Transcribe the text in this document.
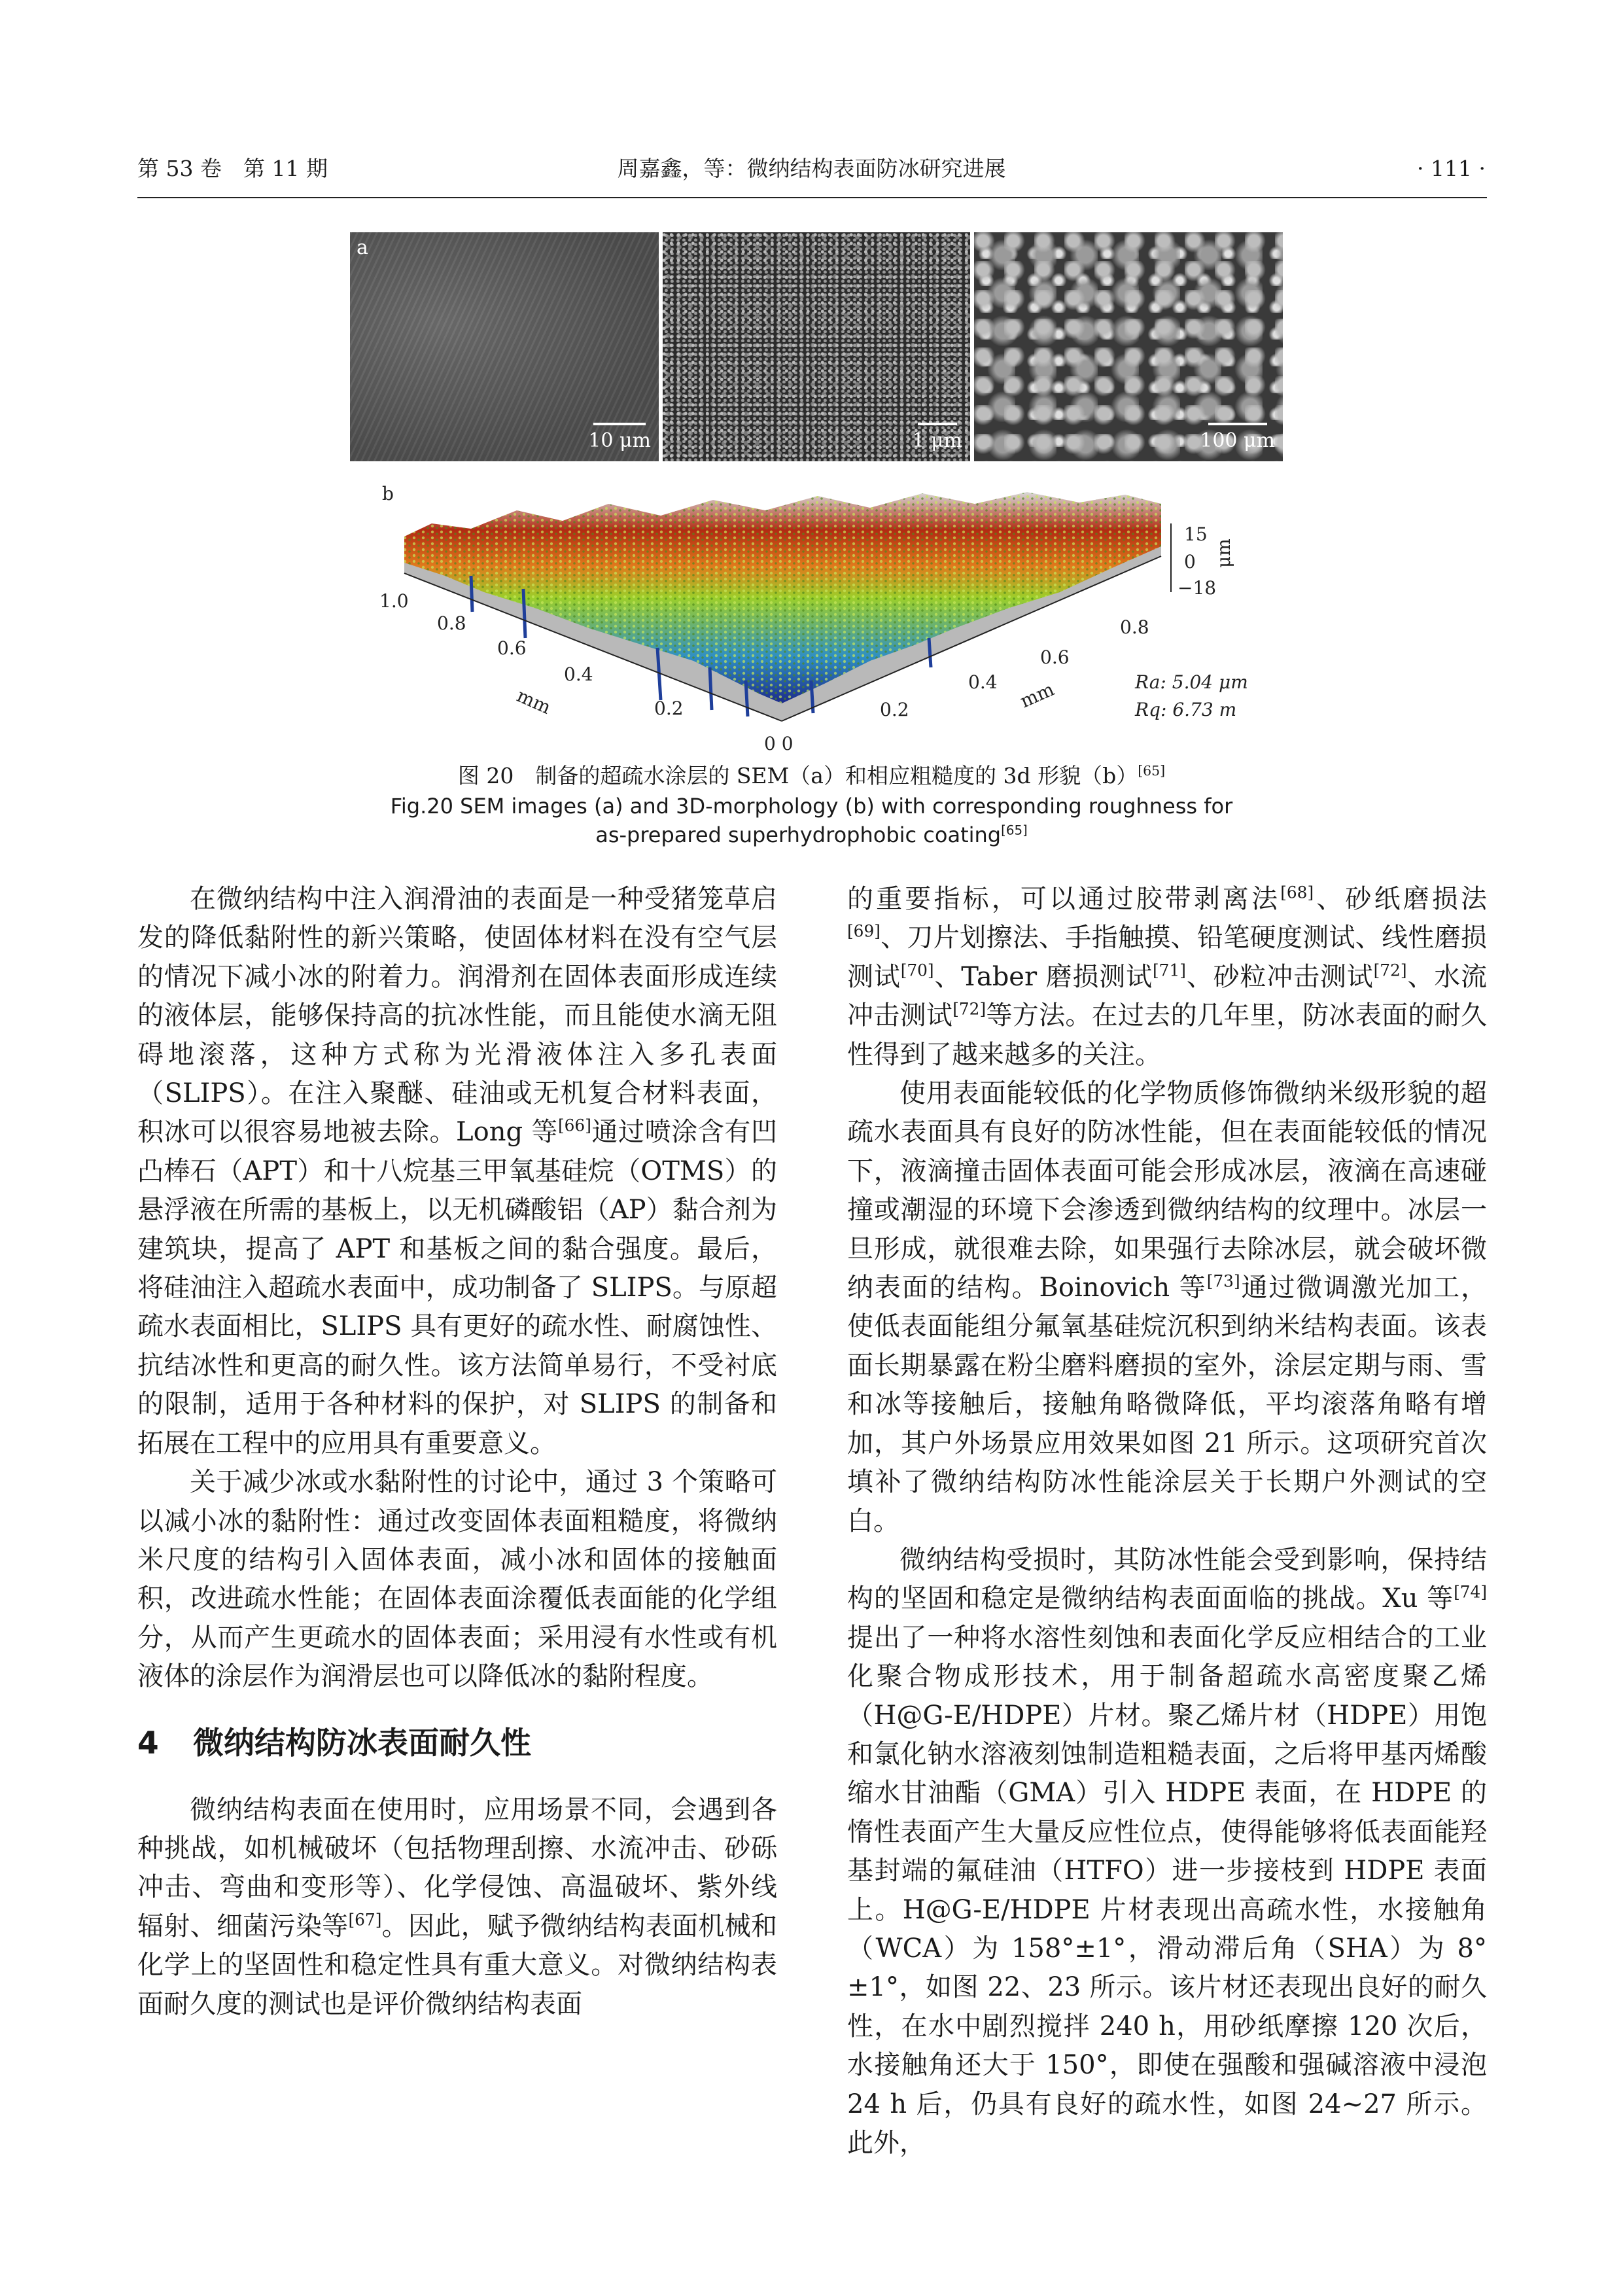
第 53 卷　第 11 期	周嘉鑫，等：微纳结构表面防冰研究进展	· 111 ·
a
10 μm	1 μm	100 μm
b
15
0
−18
μm
1.0
0.8
0.6
0.4
0.2
mm
0.8
0.6
0.4
0.2	mm
0 0
Ra: 5.04 μm
Rq: 6.73 m
图 20　制备的超疏水涂层的 SEM（a）和相应粗糙度的 3d 形貌（b）[65]
Fig.20 SEM images (a) and 3D-morphology (b) with corresponding roughness for
as-prepared superhydrophobic coating[65]

在微纳结构中注入润滑油的表面是一种受猪笼草启发的降低黏附性的新兴策略，使固体材料在没有空气层的情况下减小冰的附着力。润滑剂在固体表面形成连续的液体层，能够保持高的抗冰性能，而且能使水滴无阻碍地滚落，这种方式称为光滑液体注入多孔表面（SLIPS）。在注入聚醚、硅油或无机复合材料表面，积冰可以很容易地被去除。Long 等[66]通过喷涂含有凹凸棒石（APT）和十八烷基三甲氧基硅烷（OTMS）的悬浮液在所需的基板上，以无机磷酸铝（AP）黏合剂为建筑块，提高了 APT 和基板之间的黏合强度。最后，将硅油注入超疏水表面中，成功制备了 SLIPS。与原超疏水表面相比，SLIPS 具有更好的疏水性、耐腐蚀性、抗结冰性和更高的耐久性。该方法简单易行，不受衬底的限制，适用于各种材料的保护，对 SLIPS 的制备和拓展在工程中的应用具有重要意义。

关于减少冰或水黏附性的讨论中，通过 3 个策略可以减小冰的黏附性：通过改变固体表面粗糙度，将微纳米尺度的结构引入固体表面，减小冰和固体的接触面积，改进疏水性能；在固体表面涂覆低表面能的化学组分，从而产生更疏水的固体表面；采用浸有水性或有机液体的涂层作为润滑层也可以降低冰的黏附程度。

4 微纳结构防冰表面耐久性

微纳结构表面在使用时，应用场景不同，会遇到各种挑战，如机械破坏（包括物理刮擦、水流冲击、砂砾冲击、弯曲和变形等）、化学侵蚀、高温破坏、紫外线辐射、细菌污染等[67]。因此，赋予微纳结构表面机械和化学上的坚固性和稳定性具有重大意义。对微纳结构表面耐久度的测试也是评价微纳结构表面

的重要指标，可以通过胶带剥离法[68]、砂纸磨损法[69]、刀片划擦法、手指触摸、铅笔硬度测试、线性磨损测试[70]、Taber 磨损测试[71]、砂粒冲击测试[72]、水流冲击测试[72]等方法。在过去的几年里，防冰表面的耐久性得到了越来越多的关注。

使用表面能较低的化学物质修饰微纳米级形貌的超疏水表面具有良好的防冰性能，但在表面能较低的情况下，液滴撞击固体表面可能会形成冰层，液滴在高速碰撞或潮湿的环境下会渗透到微纳结构的纹理中。冰层一旦形成，就很难去除，如果强行去除冰层，就会破坏微纳表面的结构。Boinovich 等[73]通过微调激光加工，使低表面能组分氟氧基硅烷沉积到纳米结构表面。该表面长期暴露在粉尘磨料磨损的室外，涂层定期与雨、雪和冰等接触后，接触角略微降低，平均滚落角略有增加，其户外场景应用效果如图 21 所示。这项研究首次填补了微纳结构防冰性能涂层关于长期户外测试的空白。

微纳结构受损时，其防冰性能会受到影响，保持结构的坚固和稳定是微纳结构表面面临的挑战。Xu 等[74]提出了一种将水溶性刻蚀和表面化学反应相结合的工业化聚合物成形技术，用于制备超疏水高密度聚乙烯（H@G-E/HDPE）片材。聚乙烯片材（HDPE）用饱和氯化钠水溶液刻蚀制造粗糙表面，之后将甲基丙烯酸缩水甘油酯（GMA）引入 HDPE 表面，在 HDPE 的惰性表面产生大量反应性位点，使得能够将低表面能羟基封端的氟硅油（HTFO）进一步接枝到 HDPE 表面上。H@G-E/HDPE 片材表现出高疏水性，水接触角（WCA）为 158°±1°，滑动滞后角（SHA）为 8°±1°，如图 22、23 所示。该片材还表现出良好的耐久性，在水中剧烈搅拌 240 h，用砂纸摩擦 120 次后，水接触角还大于 150°，即使在强酸和强碱溶液中浸泡 24 h 后，仍具有良好的疏水性，如图 24~27 所示。此外，
